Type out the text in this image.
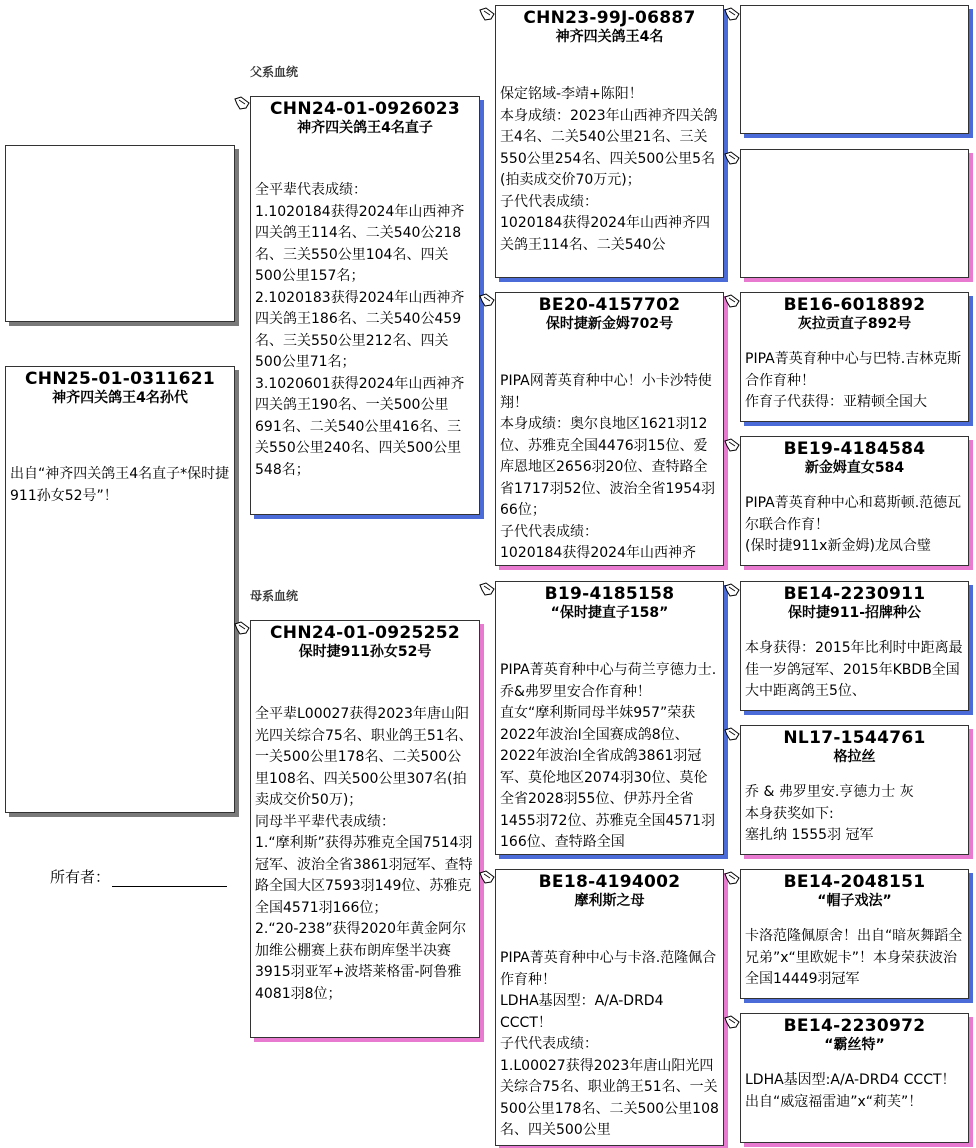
CHN25-01-0311621
神齐四关鸽王4名孙代
出自“神齐四关鸽王4名直子*保时捷911孙女52号”！
所有者：
父系血统
母系血统
CHN24-01-0926023
神齐四关鸽王4名直子
全平辈代表成绩：
1.1020184获得2024年山西神齐四关鸽王114名、二关540公218名、三关550公里104名、四关500公里157名；
2.1020183获得2024年山西神齐四关鸽王186名、二关540公459名、三关550公里212名、四关500公里71名；
3.1020601获得2024年山西神齐四关鸽王190名、一关500公里691名、二关540公里416名、三关550公里240名、四关500公里548名；
CHN24-01-0925252
保时捷911孙女52号
全平辈L00027获得2023年唐山阳光四关综合75名、职业鸽王51名、一关500公里178名、二关500公里108名、四关500公里307名(拍卖成交价50万)；
同母半平辈代表成绩：
1.“摩利斯”获得苏雅克全国7514羽冠军、波治全省3861羽冠军、查特路全国大区7593羽149位、苏雅克全国4571羽166位；
2.“20-238”获得2020年黄金阿尔加维公棚赛上获布朗库堡半决赛3915羽亚军+波塔莱格雷-阿鲁雅4081羽8位；
CHN23-99J-06887
神齐四关鸽王4名
保定铭域-李靖+陈阳！
本身成绩：2023年山西神齐四关鸽王4名、二关540公里21名、三关550公里254名、四关500公里5名(拍卖成交价70万元)；
子代代表成绩：
1020184获得2024年山西神齐四关鸽王114名、二关540公
BE20-4157702
保时捷新金姆702号
PIPA网菁英育种中心！小卡沙特使翔！
本身成绩：奥尔良地区1621羽12位、苏雅克全国4476羽15位、爱库恩地区2656羽20位、查特路全省1717羽52位、波治全省1954羽66位；
子代代表成绩：
1020184获得2024年山西神齐
B19-4185158
“保时捷直子158”
PIPA菁英育种中心与荷兰亨德力士.乔&弗罗里安合作育种！
直女“摩利斯同母半妹957”荣获2022年波治I全国赛成鸽8位、2022年波治I全省成鸽3861羽冠军、莫伦地区2074羽30位、莫伦全省2028羽55位、伊苏丹全省1455羽72位、苏雅克全国4571羽166位、查特路全国
BE18-4194002
摩利斯之母
PIPA菁英育种中心与卡洛.范隆佩合作育种！
LDHA基因型：A/A-DRD4 CCCT！
子代代表成绩：
1.L00027获得2023年唐山阳光四关综合75名、职业鸽王51名、一关500公里178名、二关500公里108名、四关500公里
BE16-6018892
灰拉贡直子892号
PIPA菁英育种中心与巴特.吉林克斯合作育种！
作育子代获得：亚精顿全国大
BE19-4184584
新金姆直女584
PIPA菁英育种中心和葛斯顿.范德瓦尔联合作育！
(保时捷911x新金姆)龙凤合璧
BE14-2230911
保时捷911-招牌种公
本身获得：2015年比利时中距离最佳一岁鸽冠军、2015年KBDB全国大中距离鸽王5位、
NL17-1544761
格拉丝
乔 & 弗罗里安.亨德力士 灰
本身获奖如下:
塞扎纳 1555羽 冠军
BE14-2048151
“帽子戏法”
卡洛范隆佩原舍！出自“暗灰舞蹈全兄弟”x“里欧妮卡”！本身荣获波治全国14449羽冠军
BE14-2230972
“霸丝特”
LDHA基因型:A/A-DRD4 CCCT！
出自“威寇福雷迪”x“莉芙”！
